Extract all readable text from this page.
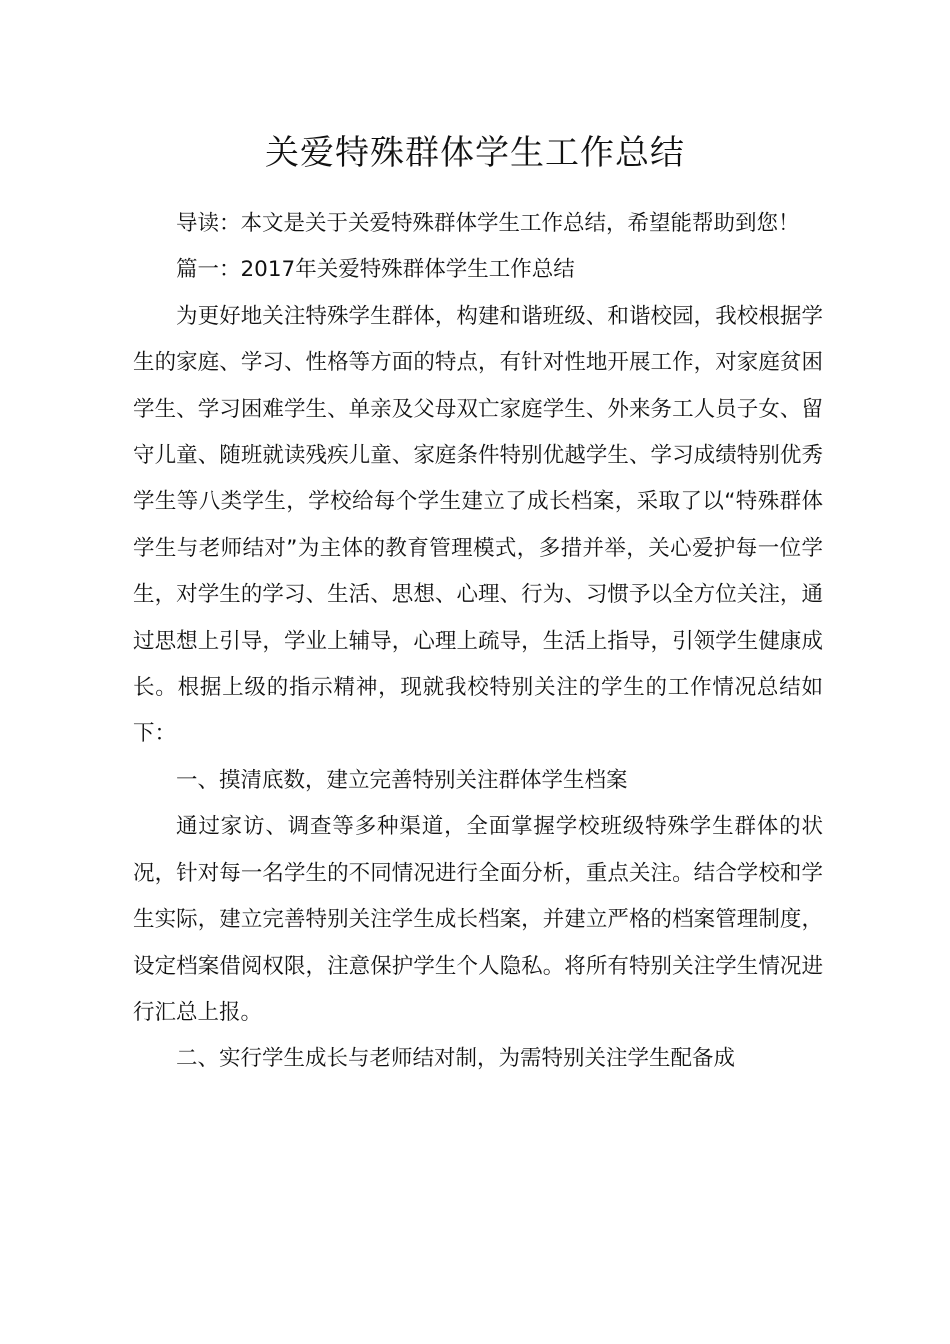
关爱特殊群体学生工作总结

导读：本文是关于关爱特殊群体学生工作总结，希望能帮助到您！

篇一：2017年关爱特殊群体学生工作总结

为更好地关注特殊学生群体，构建和谐班级、和谐校园，我校根据学生的家庭、学习、性格等方面的特点，有针对性地开展工作，对家庭贫困学生、学习困难学生、单亲及父母双亡家庭学生、外来务工人员子女、留守儿童、随班就读残疾儿童、家庭条件特别优越学生、学习成绩特别优秀学生等八类学生，学校给每个学生建立了成长档案，采取了以“特殊群体学生与老师结对”为主体的教育管理模式，多措并举，关心爱护每一位学生，对学生的学习、生活、思想、心理、行为、习惯予以全方位关注，通过思想上引导，学业上辅导，心理上疏导，生活上指导，引领学生健康成长。根据上级的指示精神，现就我校特别关注的学生的工作情况总结如下：

一、摸清底数，建立完善特别关注群体学生档案

通过家访、调查等多种渠道，全面掌握学校班级特殊学生群体的状况，针对每一名学生的不同情况进行全面分析，重点关注。结合学校和学生实际，建立完善特别关注学生成长档案，并建立严格的档案管理制度，设定档案借阅权限，注意保护学生个人隐私。将所有特别关注学生情况进行汇总上报。

二、实行学生成长与老师结对制，为需特别关注学生配备成
